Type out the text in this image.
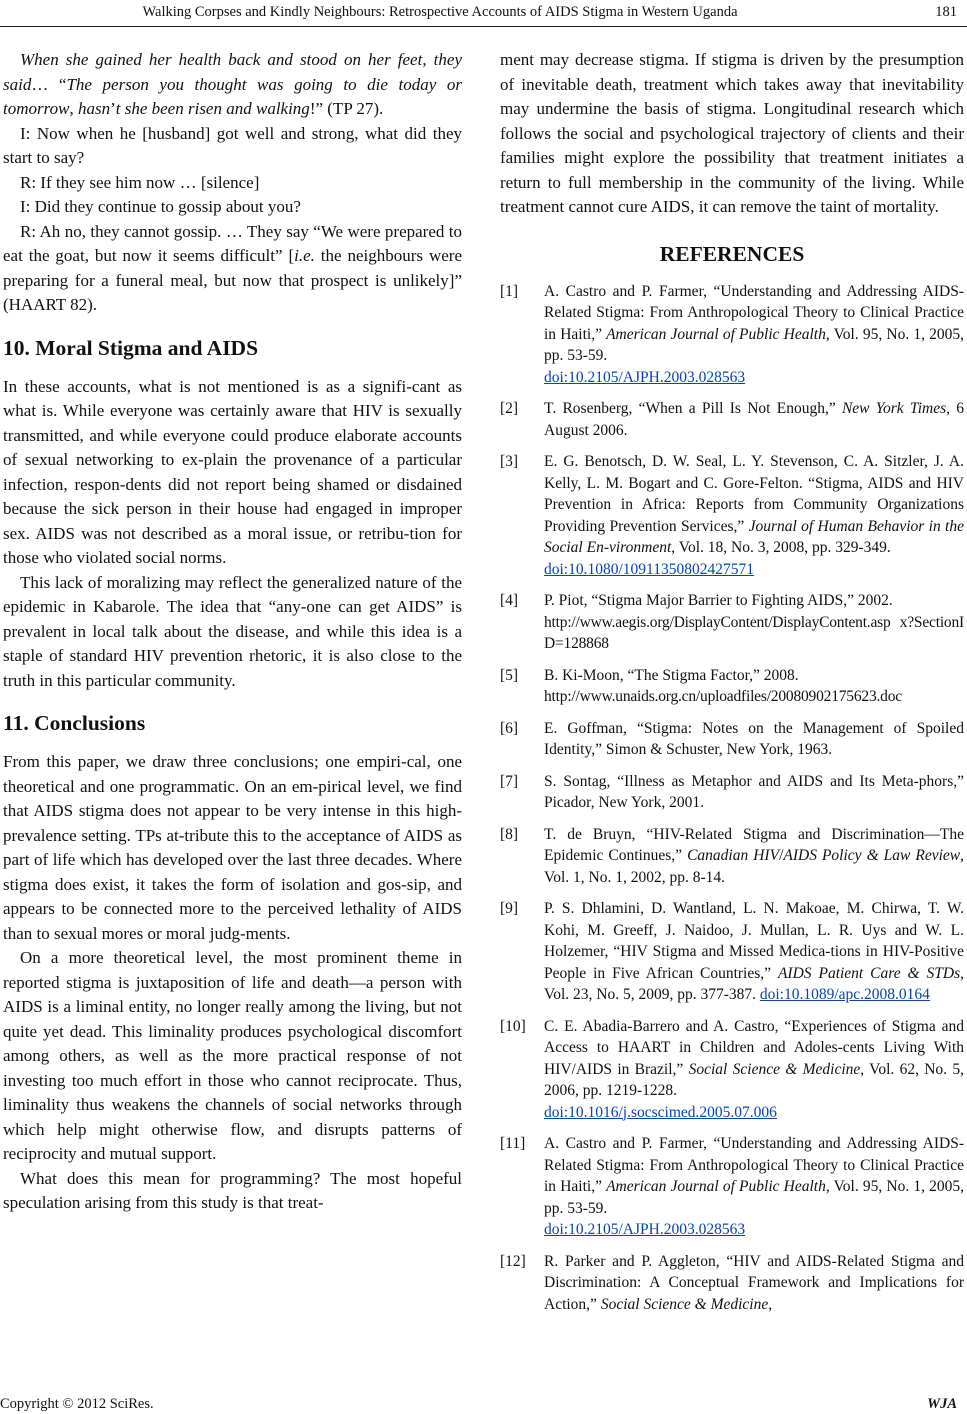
Walking Corpses and Kindly Neighbours: Retrospective Accounts of AIDS Stigma in Western Uganda	181

When she gained her health back and stood on her feet, they said… “The person you thought was going to die today or tomorrow, hasn’t she been risen and walking!” (TP 27).

I: Now when he [husband] got well and strong, what did they start to say?

R: If they see him now … [silence]

I: Did they continue to gossip about you?

R: Ah no, they cannot gossip. … They say “We were prepared to eat the goat, but now it seems difficult” [i.e. the neighbours were preparing for a funeral meal, but now that prospect is unlikely]” (HAART 82).

10. Moral Stigma and AIDS

In these accounts, what is not mentioned is as a signifi-cant as what is. While everyone was certainly aware that HIV is sexually transmitted, and while everyone could produce elaborate accounts of sexual networking to ex-plain the provenance of a particular infection, respon-dents did not report being shamed or disdained because the sick person in their house had engaged in improper sex. AIDS was not described as a moral issue, or retribu-tion for those who violated social norms.

This lack of moralizing may reflect the generalized nature of the epidemic in Kabarole. The idea that “any-one can get AIDS” is prevalent in local talk about the disease, and while this idea is a staple of standard HIV prevention rhetoric, it is also close to the truth in this particular community.

11. Conclusions

From this paper, we draw three conclusions; one empiri-cal, one theoretical and one programmatic. On an em-pirical level, we find that AIDS stigma does not appear to be very intense in this high-prevalence setting. TPs at-tribute this to the acceptance of AIDS as part of life which has developed over the last three decades. Where stigma does exist, it takes the form of isolation and gos-sip, and appears to be connected more to the perceived lethality of AIDS than to sexual mores or moral judg-ments.

On a more theoretical level, the most prominent theme in reported stigma is juxtaposition of life and death—a person with AIDS is a liminal entity, no longer really among the living, but not quite yet dead. This liminality produces psychological discomfort among others, as well as the more practical response of not investing too much effort in those who cannot reciprocate. Thus, liminality thus weakens the channels of social networks through which help might otherwise flow, and disrupts patterns of reciprocity and mutual support.

What does this mean for programming? The most hopeful speculation arising from this study is that treat-

ment may decrease stigma. If stigma is driven by the presumption of inevitable death, treatment which takes away that inevitability may undermine the basis of stigma. Longitudinal research which follows the social and psychological trajectory of clients and their families might explore the possibility that treatment initiates a return to full membership in the community of the living. While treatment cannot cure AIDS, it can remove the taint of mortality.

REFERENCES
[1]	A. Castro and P. Farmer, “Understanding and Addressing AIDS-Related Stigma: From Anthropological Theory to Clinical Practice in Haiti,” American Journal of Public Health, Vol. 95, No. 1, 2005, pp. 53-59.
doi:10.2105/AJPH.2003.028563
[2]	T. Rosenberg, “When a Pill Is Not Enough,” New York Times, 6 August 2006.
[3]	E. G. Benotsch, D. W. Seal, L. Y. Stevenson, C. A. Sitzler, J. A. Kelly, L. M. Bogart and C. Gore-Felton. “Stigma, AIDS and HIV Prevention in Africa: Reports from Community Organizations Providing Prevention Services,” Journal of Human Behavior in the Social En-vironment, Vol. 18, No. 3, 2008, pp. 329-349.
doi:10.1080/10911350802427571
[4]	P. Piot, “Stigma Major Barrier to Fighting AIDS,” 2002.
http://www.aegis.org/DisplayContent/DisplayContent.asp x?SectionID=128868
[5]	B. Ki-Moon, “The Stigma Factor,” 2008.
http://www.unaids.org.cn/uploadfiles/20080902175623.doc
[6]	E. Goffman, “Stigma: Notes on the Management of Spoiled Identity,” Simon & Schuster, New York, 1963.
[7]	S. Sontag, “Illness as Metaphor and AIDS and Its Meta-phors,” Picador, New York, 2001.
[8]	T. de Bruyn, “HIV-Related Stigma and Discrimination—The Epidemic Continues,” Canadian HIV/AIDS Policy & Law Review, Vol. 1, No. 1, 2002, pp. 8-14.
[9]	P. S. Dhlamini, D. Wantland, L. N. Makoae, M. Chirwa, T. W. Kohi, M. Greeff, J. Naidoo, J. Mullan, L. R. Uys and W. L. Holzemer, “HIV Stigma and Missed Medica-tions in HIV-Positive People in Five African Countries,” AIDS Patient Care & STDs, Vol. 23, No. 5, 2009, pp. 377-387. doi:10.1089/apc.2008.0164
[10]	C. E. Abadia-Barrero and A. Castro, “Experiences of Stigma and Access to HAART in Children and Adoles-cents Living With HIV/AIDS in Brazil,” Social Science & Medicine, Vol. 62, No. 5, 2006, pp. 1219-1228.
doi:10.1016/j.socscimed.2005.07.006
[11]	A. Castro and P. Farmer, “Understanding and Addressing AIDS-Related Stigma: From Anthropological Theory to Clinical Practice in Haiti,” American Journal of Public Health, Vol. 95, No. 1, 2005, pp. 53-59.
doi:10.2105/AJPH.2003.028563
[12]	R. Parker and P. Aggleton, “HIV and AIDS-Related Stigma and Discrimination: A Conceptual Framework and Implications for Action,” Social Science & Medicine,
Copyright © 2012 SciRes.	WJA
